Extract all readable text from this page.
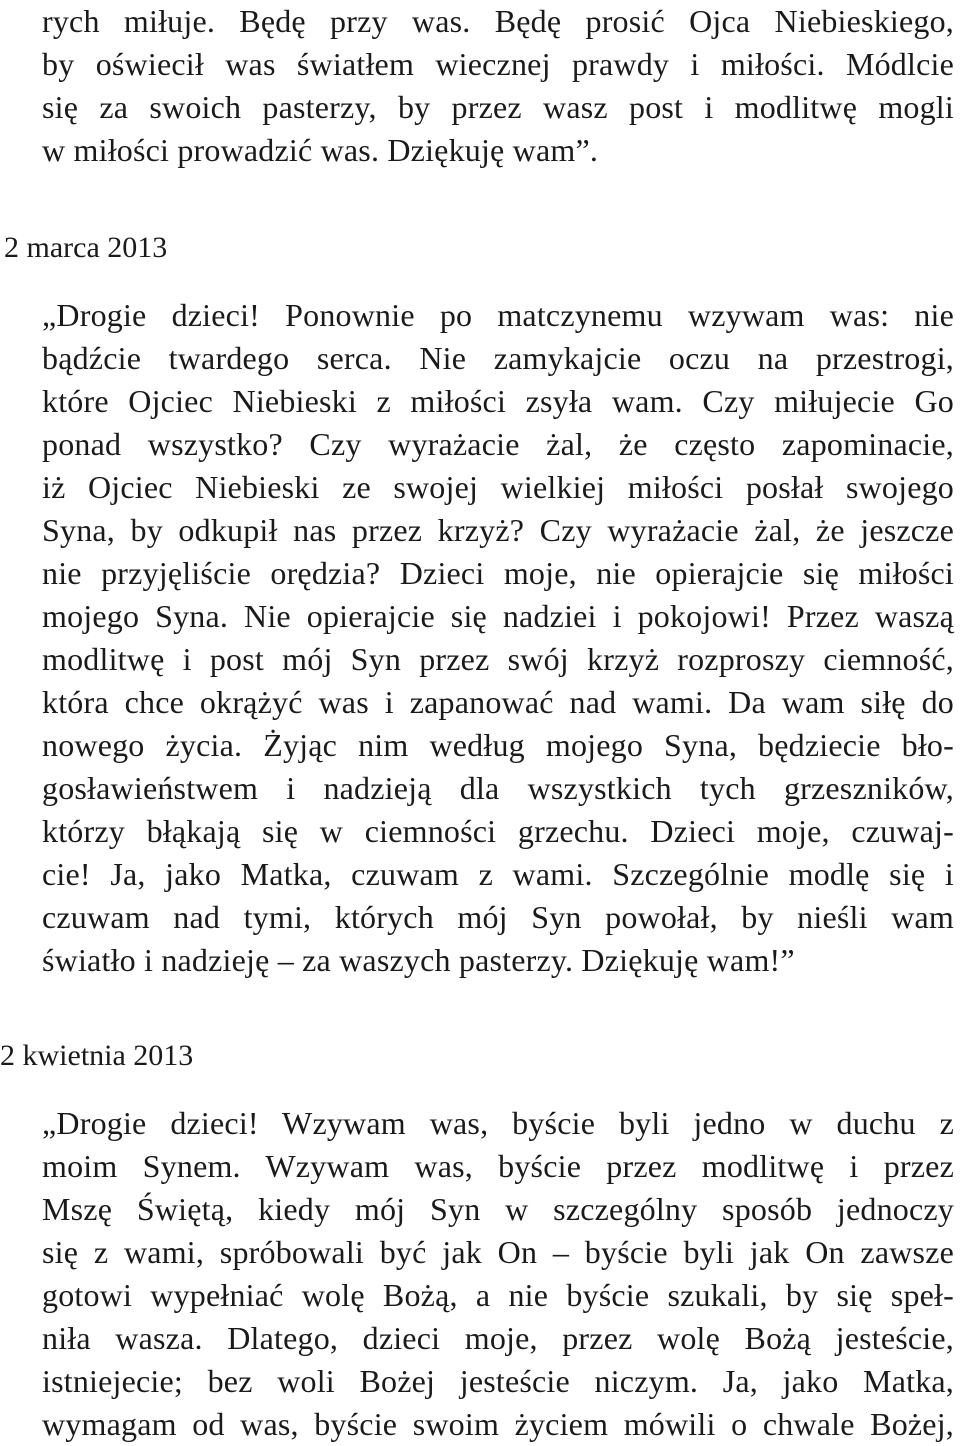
rych miłuje. Będę przy was. Będę prosić Ojca Niebieskiego,
by oświecił was światłem wiecznej prawdy i miłości. Módlcie
się za swoich pasterzy, by przez wasz post i modlitwę mogli
w miłości prowadzić was. Dziękuję wam”.
2 marca 2013
„Drogie dzieci! Ponownie po matczynemu wzywam was: nie
bądźcie twardego serca. Nie zamykajcie oczu na przestrogi,
które Ojciec Niebieski z miłości zsyła wam. Czy miłujecie Go
ponad wszystko? Czy wyrażacie żal, że często zapominacie,
iż Ojciec Niebieski ze swojej wielkiej miłości posłał swojego
Syna, by odkupił nas przez krzyż? Czy wyrażacie żal, że jeszcze
nie przyjęliście orędzia? Dzieci moje, nie opierajcie się miłości
mojego Syna. Nie opierajcie się nadziei i pokojowi! Przez waszą
modlitwę i post mój Syn przez swój krzyż rozproszy ciemność,
która chce okrążyć was i zapanować nad wami. Da wam siłę do
nowego życia. Żyjąc nim według mojego Syna, będziecie bło-
gosławieństwem i nadzieją dla wszystkich tych grzeszników,
którzy błąkają się w ciemności grzechu. Dzieci moje, czuwaj-
cie! Ja, jako Matka, czuwam z wami. Szczególnie modlę się i
czuwam nad tymi, których mój Syn powołał, by nieśli wam
światło i nadzieję – za waszych pasterzy. Dziękuję wam!”
2 kwietnia 2013
„Drogie dzieci! Wzywam was, byście byli jedno w duchu z
moim Synem. Wzywam was, byście przez modlitwę i przez
Mszę Świętą, kiedy mój Syn w szczególny sposób jednoczy
się z wami, spróbowali być jak On – byście byli jak On zawsze
gotowi wypełniać wolę Bożą, a nie byście szukali, by się speł-
niła wasza. Dlatego, dzieci moje, przez wolę Bożą jesteście,
istniejecie; bez woli Bożej jesteście niczym. Ja, jako Matka,
wymagam od was, byście swoim życiem mówili o chwale Bożej,
